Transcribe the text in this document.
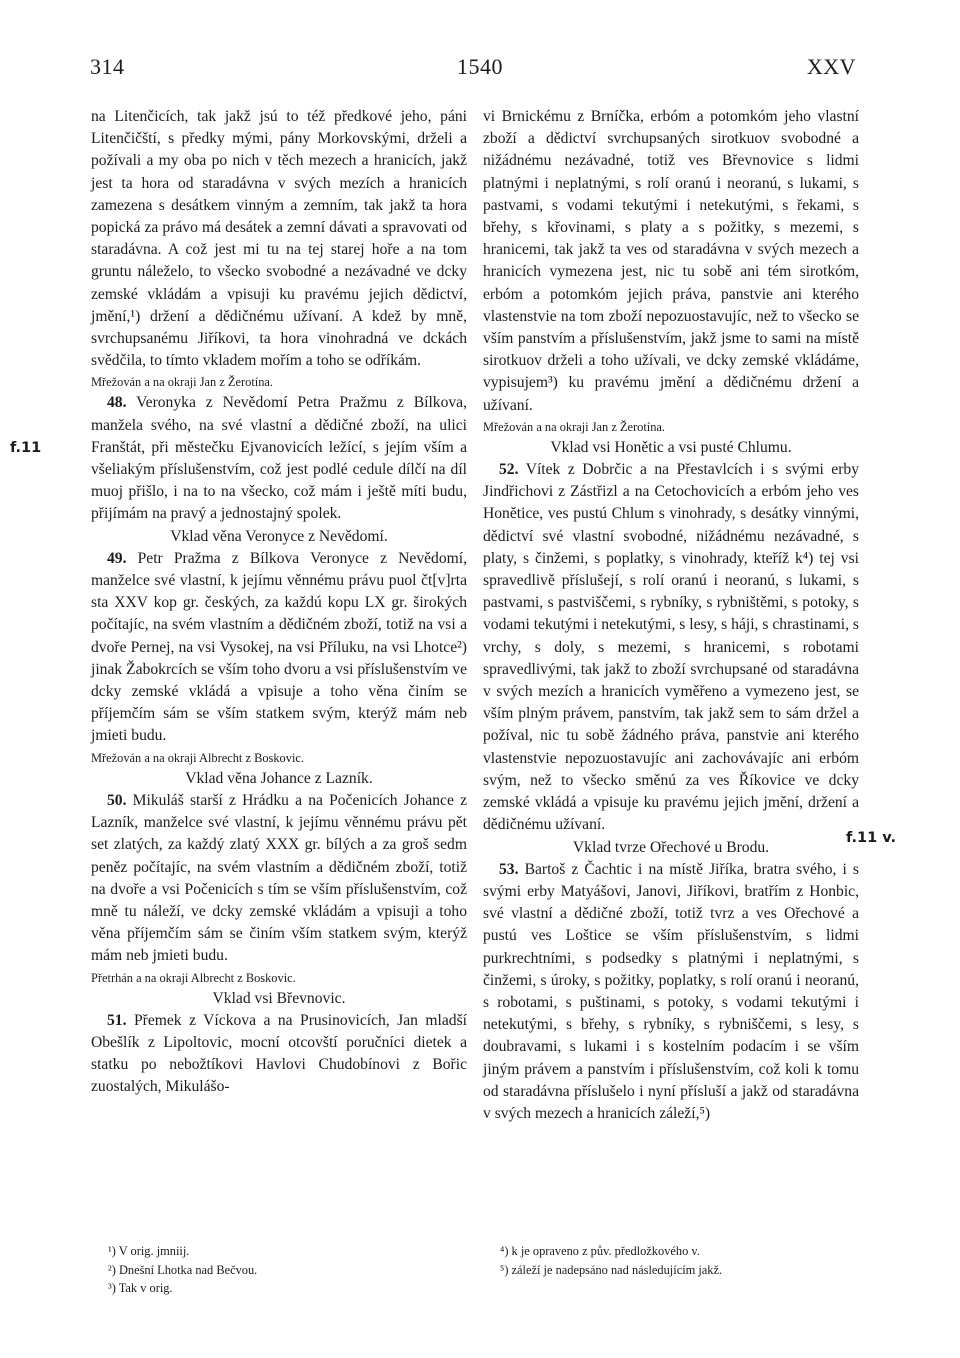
314	1540	XXV
f.11
f.11 v.

na Litenčicích, tak jakž jsú to též předkové jeho, páni Litenčičští, s předky mými, pány Morkovskými, drželi a požívali a my oba po nich v těch mezech a hranicích, jakž jest ta hora od staradávna v svých mezích a hranicích zamezena s desátkem vinným a zemním, tak jakž ta hora popická za právo má desátek a zemní dávati a spravovati od staradávna. A což jest mi tu na tej starej hoře a na tom gruntu náleželo, to všecko svobodné a nezávadné ve dcky zemské vkládám a vpisuji ku pravému jejich dědictví, jmění,¹) držení a dědičnému užívaní. A kdež by mně, svrchupsanému Jiříkovi, ta hora vinohradná ve dckách svědčila, to tímto vkladem mořím a toho se odříkám.

Mřežován a na okraji Jan z Žerotína.

48. Veronyka z Nevědomí Petra Pražmu z Bílkova, manžela svého, na své vlastní a dědičné zboží, na ulici Franštát, při městečku Ejvanovicích ležící, s jejím vším a všeliakým příslušenstvím, což jest podlé cedule dílčí na díl muoj přišlo, i na to na všecko, což mám i ještě míti budu, přijímám na pravý a jednostajný spolek.

Vklad věna Veronyce z Nevědomí.

49. Petr Pražma z Bílkova Veronyce z Nevědomí, manželce své vlastní, k jejímu věnnému právu puol čt[v]rta sta XXV kop gr. českých, za každú kopu LX gr. širokých počítajíc, na svém vlastním a dědičném zboží, totiž na vsi a dvoře Pernej, na vsi Vysokej, na vsi Příluku, na vsi Lhotce²) jinak Žabokrcích se vším toho dvoru a vsi příslušenstvím ve dcky zemské vkládá a vpisuje a toho věna činím se příjemčím sám se vším statkem svým, kterýž mám neb jmieti budu.

Mřežován a na okraji Albrecht z Boskovic.

Vklad věna Johance z Lazník.

50. Mikuláš starší z Hrádku a na Počenicích Johance z Lazník, manželce své vlastní, k jejímu věnnému právu pět set zlatých, za každý zlatý XXX gr. bílých a za groš sedm peněz počítajíc, na svém vlastním a dědičném zboží, totiž na dvoře a vsi Počenicích s tím se vším příslušenstvím, což mně tu náleží, ve dcky zemské vkládám a vpisuji a toho věna příjemčím sám se činím vším statkem svým, kterýž mám neb jmieti budu.

Přetrhán a na okraji Albrecht z Boskovic.

Vklad vsi Břevnovic.

51. Přemek z Víckova a na Prusinovicích, Jan mladší Obešlík z Lipoltovic, mocní otcovští poručníci dietek a statku po nebožtíkovi Havlovi Chudobínovi z Bořic zuostalých, Mikulášo-

vi Brnickému z Brníčka, erbóm a potomkóm jeho vlastní zboží a dědictví svrchupsaných sirotkuov svobodné a nižádnému nezávadné, totiž ves Břevnovice s lidmi platnými i neplatnými, s rolí oranú i neoranú, s lukami, s pastvami, s vodami tekutými i netekutými, s řekami, s břehy, s křovinami, s platy a s požitky, s mezemi, s hranicemi, tak jakž ta ves od staradávna v svých mezech a hranicích vymezena jest, nic tu sobě ani tém sirotkóm, erbóm a potomkóm jejich práva, panstvie ani kterého vlastenstvie na tom zboží nepozuostavujíc, než to všecko se vším panstvím a příslušenstvím, jakž jsme to sami na místě sirotkuov drželi a toho užívali, ve dcky zemské vkládáme, vypisujem³) ku pravému jmění a dědičnému držení a užívaní.

Mřežován a na okraji Jan z Žerotína.

Vklad vsi Honětic a vsi pusté Chlumu.

52. Vítek z Dobrčic a na Přestavlcích i s svými erby Jindřichovi z Zástřizl a na Cetochovicích a erbóm jeho ves Honětice, ves pustú Chlum s vinohrady, s desátky vinnými, dědictví své vlastní svobodné, nižádnému nezávadné, s platy, s činžemi, s poplatky, s vinohrady, kteříž k⁴) tej vsi spravedlivě příslušejí, s rolí oranú i neoranú, s lukami, s pastvami, s pastviščemi, s rybníky, s rybništěmi, s potoky, s vodami tekutými i netekutými, s lesy, s háji, s chrastinami, s vrchy, s doly, s mezemi, s hranicemi, s robotami spravedlivými, tak jakž to zboží svrchupsané od staradávna v svých mezích a hranicích vyměřeno a vymezeno jest, se vším plným právem, panstvím, tak jakž sem to sám držel a požíval, nic tu sobě žádného práva, panstvie ani kterého vlastenstvie nepozuostavujíc ani zachovávajíc ani erbóm svým, než to všecko směnú za ves Říkovice ve dcky zemské vkládá a vpisuje ku pravému jejich jmění, držení a dědičnému užívaní.

Vklad tvrze Ořechové u Brodu.

53. Bartoš z Čachtic i na místě Jiříka, bratra svého, i s svými erby Matyášovi, Janovi, Jiříkovi, bratřím z Honbic, své vlastní a dědičné zboží, totiž tvrz a ves Ořechové a pustú ves Loštice se vším příslušenstvím, s lidmi purkrechtními, s podsedky s platnými i neplatnými, s činžemi, s úroky, s požitky, poplatky, s rolí oranú i neoranú, s robotami, s puštinami, s potoky, s vodami tekutými i netekutými, s břehy, s rybníky, s rybniščemi, s lesy, s doubravami, s lukami i s kostelním podacím i se vším jiným právem a panstvím i příslušenstvím, což koli k tomu od staradávna příslušelo i nyní přísluší a jakž od staradávna v svých mezech a hranicích záleží,⁵)

¹) V orig. jmniij.
²) Dnešní Lhotka nad Bečvou.
³) Tak v orig.
⁴) k je opraveno z pův. předložkového v.
⁵) záleží je nadepsáno nad následujícím jakž.
